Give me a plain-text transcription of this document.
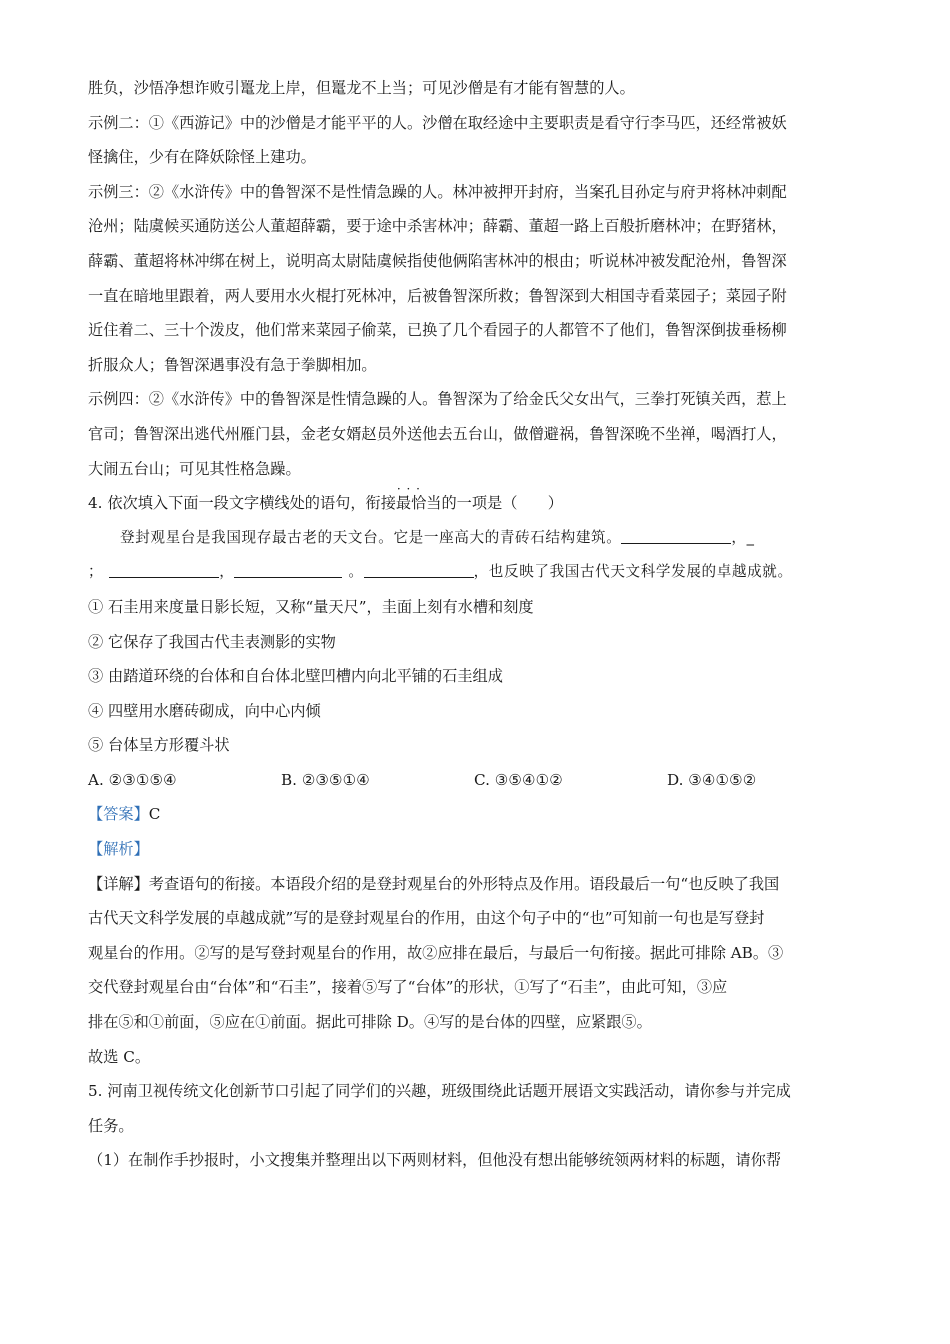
胜负，沙悟净想诈败引鼍龙上岸，但鼍龙不上当；可见沙僧是有才能有智慧的人。

示例二：①《西游记》中的沙僧是才能平平的人。沙僧在取经途中主要职责是看守行李马匹，还经常被妖

怪擒住，少有在降妖除怪上建功。

示例三：②《水浒传》中的鲁智深不是性情急躁的人。林冲被押开封府，当案孔目孙定与府尹将林冲刺配

沧州；陆虞候买通防送公人董超薛霸，要于途中杀害林冲；薛霸、董超一路上百般折磨林冲；在野猪林，

薛霸、董超将林冲绑在树上，说明高太尉陆虞候指使他俩陷害林冲的根由；听说林冲被发配沧州，鲁智深

一直在暗地里跟着，两人要用水火棍打死林冲，后被鲁智深所救；鲁智深到大相国寺看菜园子；菜园子附

近住着二、三十个泼皮，他们常来菜园子偷菜，已换了几个看园子的人都管不了他们，鲁智深倒拔垂杨柳

折服众人；鲁智深遇事没有急于拳脚相加。

示例四：②《水浒传》中的鲁智深是性情急躁的人。鲁智深为了给金氏父女出气，三拳打死镇关西，惹上

官司；鲁智深出逃代州雁门县，金老女婿赵员外送他去五台山，做僧避祸，鲁智深晚不坐禅，喝酒打人，

大闹五台山；可见其性格急躁。

4. 依次填入下面一段文字横线处的语句，衔接· · · 最恰当的一项是（　　）

登封观星台是我国现存最古老的天文台。它是一座高大的青砖石结构建筑。	，_

；	，	。	，也反映了我国古代天文科学发展的卓越成就。

① 石圭用来度量日影长短，又称“量天尺”，圭面上刻有水槽和刻度

② 它保存了我国古代圭表测影的实物

③ 由踏道环绕的台体和自台体北壁凹槽内向北平铺的石圭组成

④ 四壁用水磨砖砌成，向中心内倾

⑤ 台体呈方形覆斗状

A. ②③①⑤④	B. ②③⑤①④	C. ③⑤④①②	D. ③④①⑤②

【答案】C

【解析】

【详解】考查语句的衔接。本语段介绍的是登封观星台的外形特点及作用。语段最后一句“也反映了我国

古代天文科学发展的卓越成就”写的是登封观星台的作用，由这个句子中的“也”可知前一句也是写登封

观星台的作用。②写的是写登封观星台的作用，故②应排在最后，与最后一句衔接。据此可排除 AB。③

交代登封观星台由“台体”和“石圭”，接着⑤写了“台体”的形状，①写了“石圭”，由此可知，③应

排在⑤和①前面，⑤应在①前面。据此可排除 D。④写的是台体的四壁，应紧跟⑤。

故选 C。

5. 河南卫视传统文化创新节口引起了同学们的兴趣，班级围绕此话题开展语文实践活动，请你参与并完成

任务。

（1）在制作手抄报时，小文搜集并整理出以下两则材料，但他没有想出能够统领两材料的标题，请你帮
